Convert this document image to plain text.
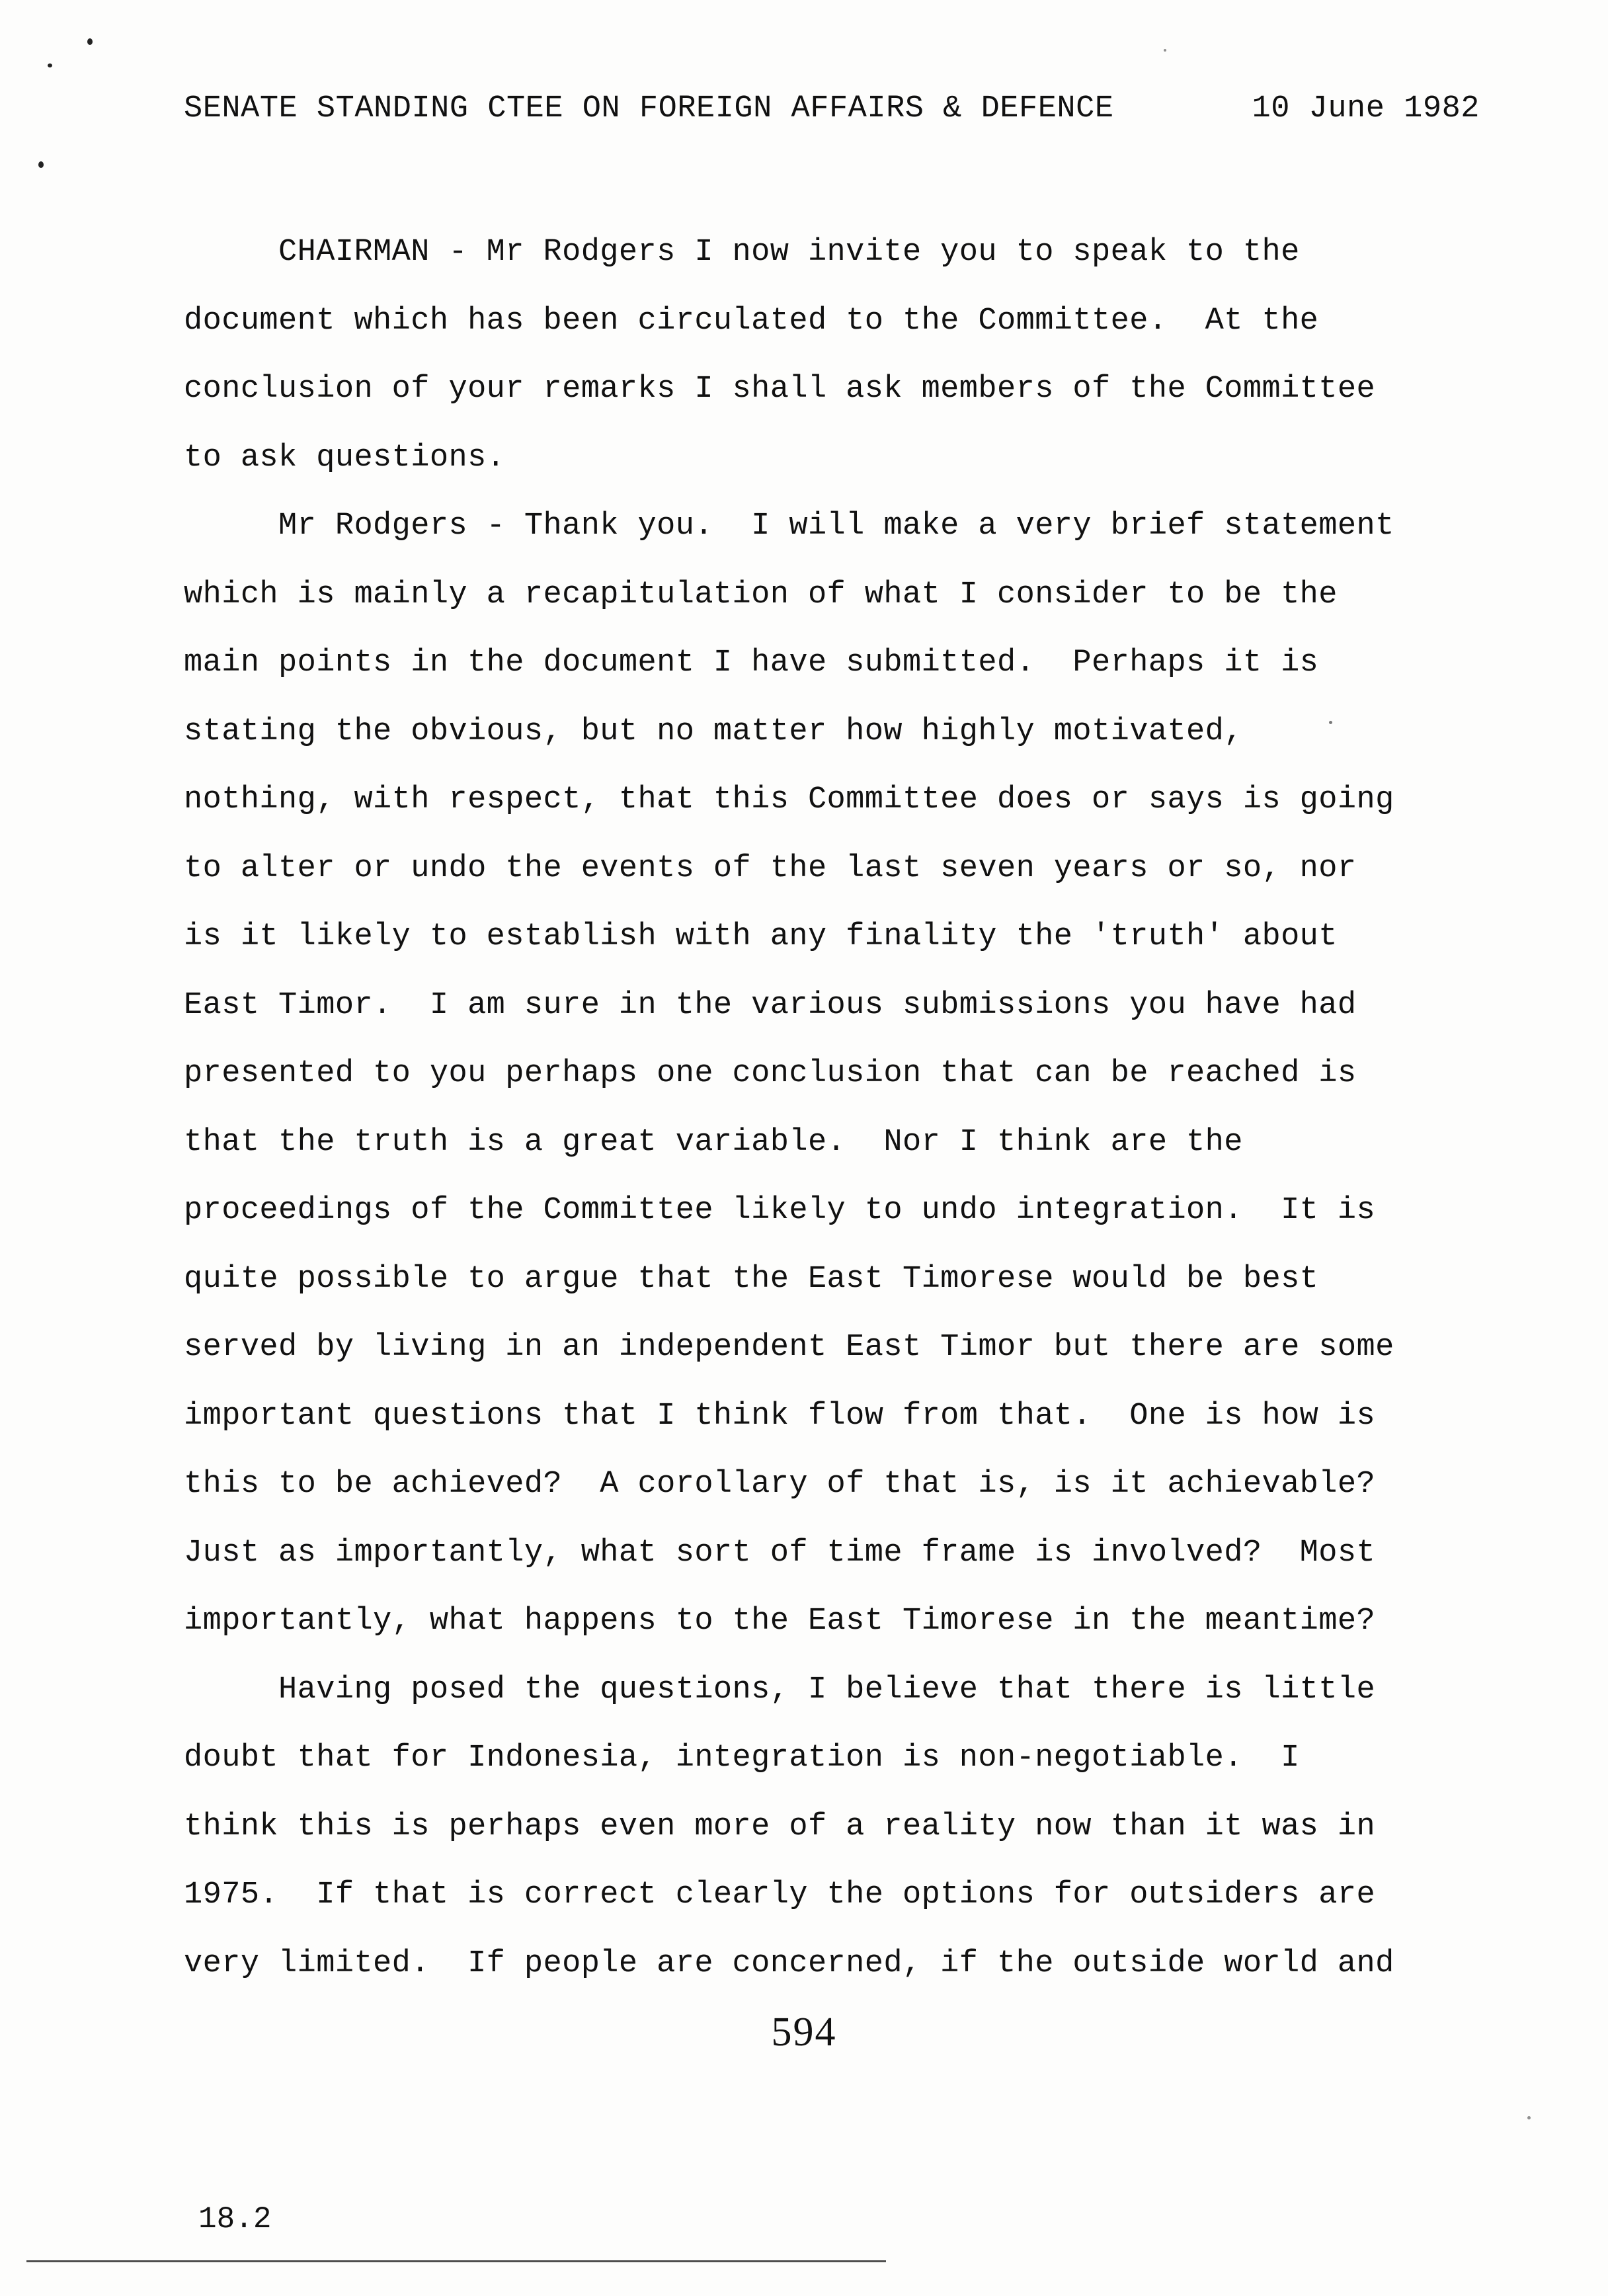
SENATE STANDING CTEE ON FOREIGN AFFAIRS & DEFENCE	10 June 1982
CHAIRMAN - Mr Rodgers I now invite you to speak to the
document which has been circulated to the Committee.  At the
conclusion of your remarks I shall ask members of the Committee
to ask questions.
Mr Rodgers - Thank you.  I will make a very brief statement
which is mainly a recapitulation of what I consider to be the
main points in the document I have submitted.  Perhaps it is
stating the obvious, but no matter how highly motivated,
nothing, with respect, that this Committee does or says is going
to alter or undo the events of the last seven years or so, nor
is it likely to establish with any finality the 'truth' about
East Timor.  I am sure in the various submissions you have had
presented to you perhaps one conclusion that can be reached is
that the truth is a great variable.  Nor I think are the
proceedings of the Committee likely to undo integration.  It is
quite possible to argue that the East Timorese would be best
served by living in an independent East Timor but there are some
important questions that I think flow from that.  One is how is
this to be achieved?  A corollary of that is, is it achievable?
Just as importantly, what sort of time frame is involved?  Most
importantly, what happens to the East Timorese in the meantime?
Having posed the questions, I believe that there is little
doubt that for Indonesia, integration is non-negotiable.  I
think this is perhaps even more of a reality now than it was in
1975.  If that is correct clearly the options for outsiders are
very limited.  If people are concerned, if the outside world and
594
18.2
